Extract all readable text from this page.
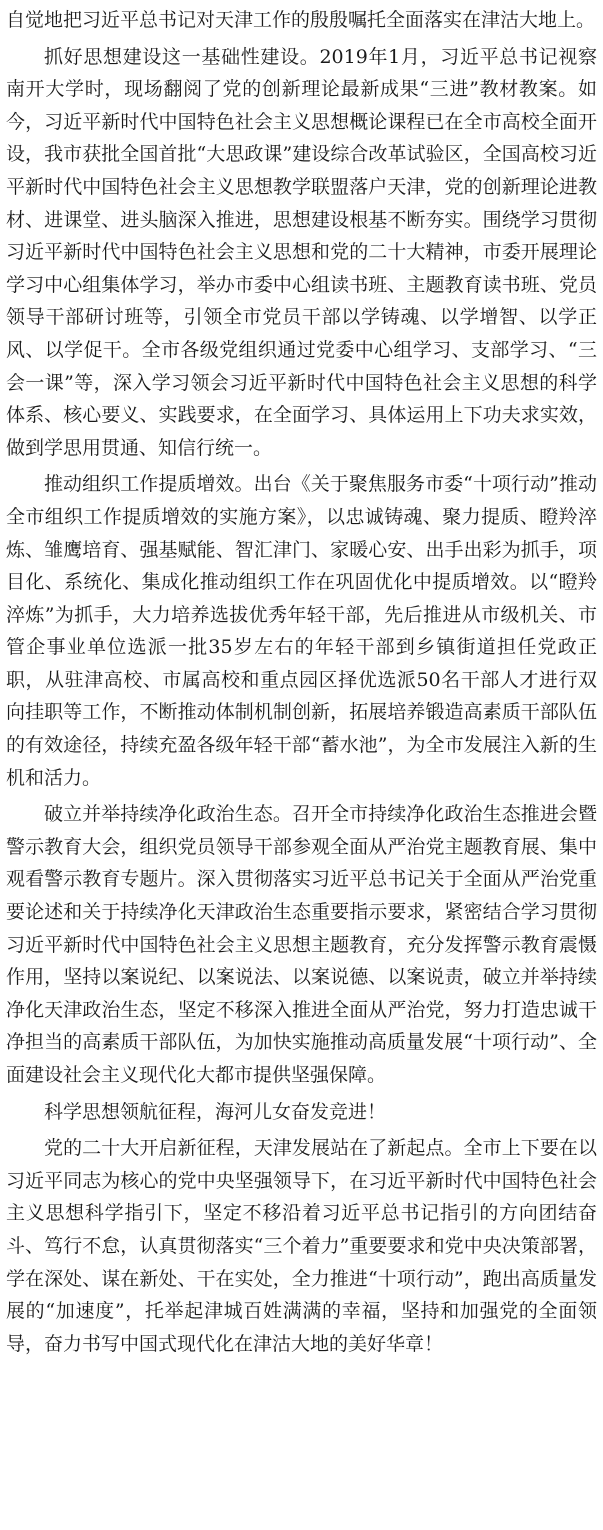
自觉地把习近平总书记对天津工作的殷殷嘱托全面落实在津沽大地上。

抓好思想建设这一基础性建设。2019年1月，习近平总书记视察南开大学时，现场翻阅了党的创新理论最新成果“三进”教材教案。如今，习近平新时代中国特色社会主义思想概论课程已在全市高校全面开设，我市获批全国首批“大思政课”建设综合改革试验区，全国高校习近平新时代中国特色社会主义思想教学联盟落户天津，党的创新理论进教材、进课堂、进头脑深入推进，思想建设根基不断夯实。围绕学习贯彻习近平新时代中国特色社会主义思想和党的二十大精神，市委开展理论学习中心组集体学习，举办市委中心组读书班、主题教育读书班、党员领导干部研讨班等，引领全市党员干部以学铸魂、以学增智、以学正风、以学促干。全市各级党组织通过党委中心组学习、支部学习、“三会一课”等，深入学习领会习近平新时代中国特色社会主义思想的科学体系、核心要义、实践要求，在全面学习、具体运用上下功夫求实效，做到学思用贯通、知信行统一。

推动组织工作提质增效。出台《关于聚焦服务市委“十项行动”推动全市组织工作提质增效的实施方案》，以忠诚铸魂、聚力提质、瞪羚淬炼、雏鹰培育、强基赋能、智汇津门、家暖心安、出手出彩为抓手，项目化、系统化、集成化推动组织工作在巩固优化中提质增效。以“瞪羚淬炼”为抓手，大力培养选拔优秀年轻干部，先后推进从市级机关、市管企事业单位选派一批35岁左右的年轻干部到乡镇街道担任党政正职，从驻津高校、市属高校和重点园区择优选派50名干部人才进行双向挂职等工作，不断推动体制机制创新，拓展培养锻造高素质干部队伍的有效途径，持续充盈各级年轻干部“蓄水池”，为全市发展注入新的生机和活力。

破立并举持续净化政治生态。召开全市持续净化政治生态推进会暨警示教育大会，组织党员领导干部参观全面从严治党主题教育展、集中观看警示教育专题片。深入贯彻落实习近平总书记关于全面从严治党重要论述和关于持续净化天津政治生态重要指示要求，紧密结合学习贯彻习近平新时代中国特色社会主义思想主题教育，充分发挥警示教育震慑作用，坚持以案说纪、以案说法、以案说德、以案说责，破立并举持续净化天津政治生态，坚定不移深入推进全面从严治党，努力打造忠诚干净担当的高素质干部队伍，为加快实施推动高质量发展“十项行动”、全面建设社会主义现代化大都市提供坚强保障。

科学思想领航征程，海河儿女奋发竞进！

党的二十大开启新征程，天津发展站在了新起点。全市上下要在以习近平同志为核心的党中央坚强领导下，在习近平新时代中国特色社会主义思想科学指引下，坚定不移沿着习近平总书记指引的方向团结奋斗、笃行不怠，认真贯彻落实“三个着力”重要要求和党中央决策部署，学在深处、谋在新处、干在实处，全力推进“十项行动”，跑出高质量发展的“加速度”，托举起津城百姓满满的幸福，坚持和加强党的全面领导，奋力书写中国式现代化在津沽大地的美好华章！
